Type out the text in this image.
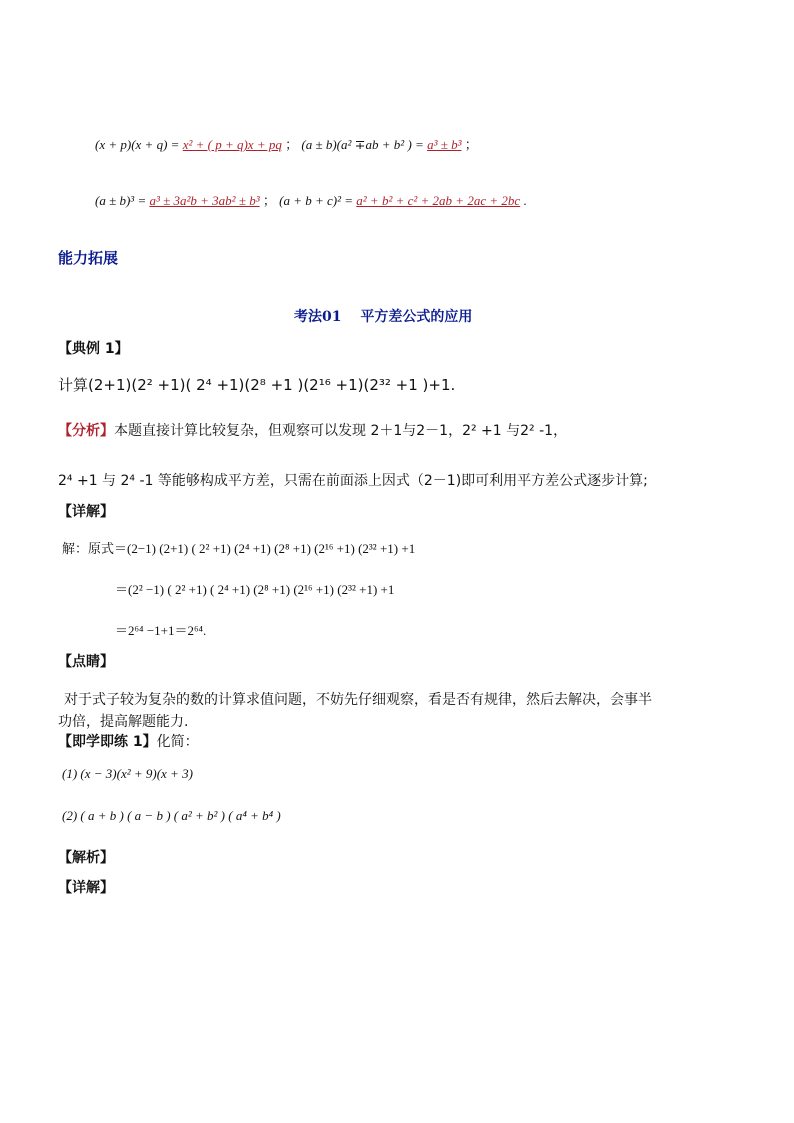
(x + p)(x + q) = x² + ( p + q)x + pq ； (a ± b)(a² ∓ab + b² ) = a³ ± b³ ；
(a ± b)³ = a³ ± 3a²b + 3ab² ± b³ ； (a + b + c)² = a² + b² + c² + 2ab + 2ac + 2bc .
能力拓展
考法01　 平方差公式的应用
【典例 1】
计算(2+1)(2² +1)( 2⁴ +1)(2⁸ +1 )(2¹⁶ +1)(2³² +1 )+1.
【分析】本题直接计算比较复杂，但观察可以发现 2＋1与2－1，2² +1 与2² -1，
2⁴ +1 与 2⁴ -1 等能够构成平方差，只需在前面添上因式（2－1)即可利用平方差公式逐步计算;
【详解】
解：原式＝(2−1) (2+1) ( 2² +1) (2⁴ +1) (2⁸ +1) (2¹⁶ +1) (2³² +1) +1
＝(2² −1) ( 2² +1) ( 2⁴ +1) (2⁸ +1) (2¹⁶ +1) (2³² +1) +1
＝2⁶⁴ −1+1＝2⁶⁴.
【点睛】
对于式子较为复杂的数的计算求值问题，不妨先仔细观察，看是否有规律，然后去解决，会事半
功倍，提高解题能力.
【即学即练 1】化简：
(1) (x − 3)(x² + 9)(x + 3)
(2) ( a + b ) ( a − b ) ( a² + b² ) ( a⁴ + b⁴ )
【解析】
【详解】
